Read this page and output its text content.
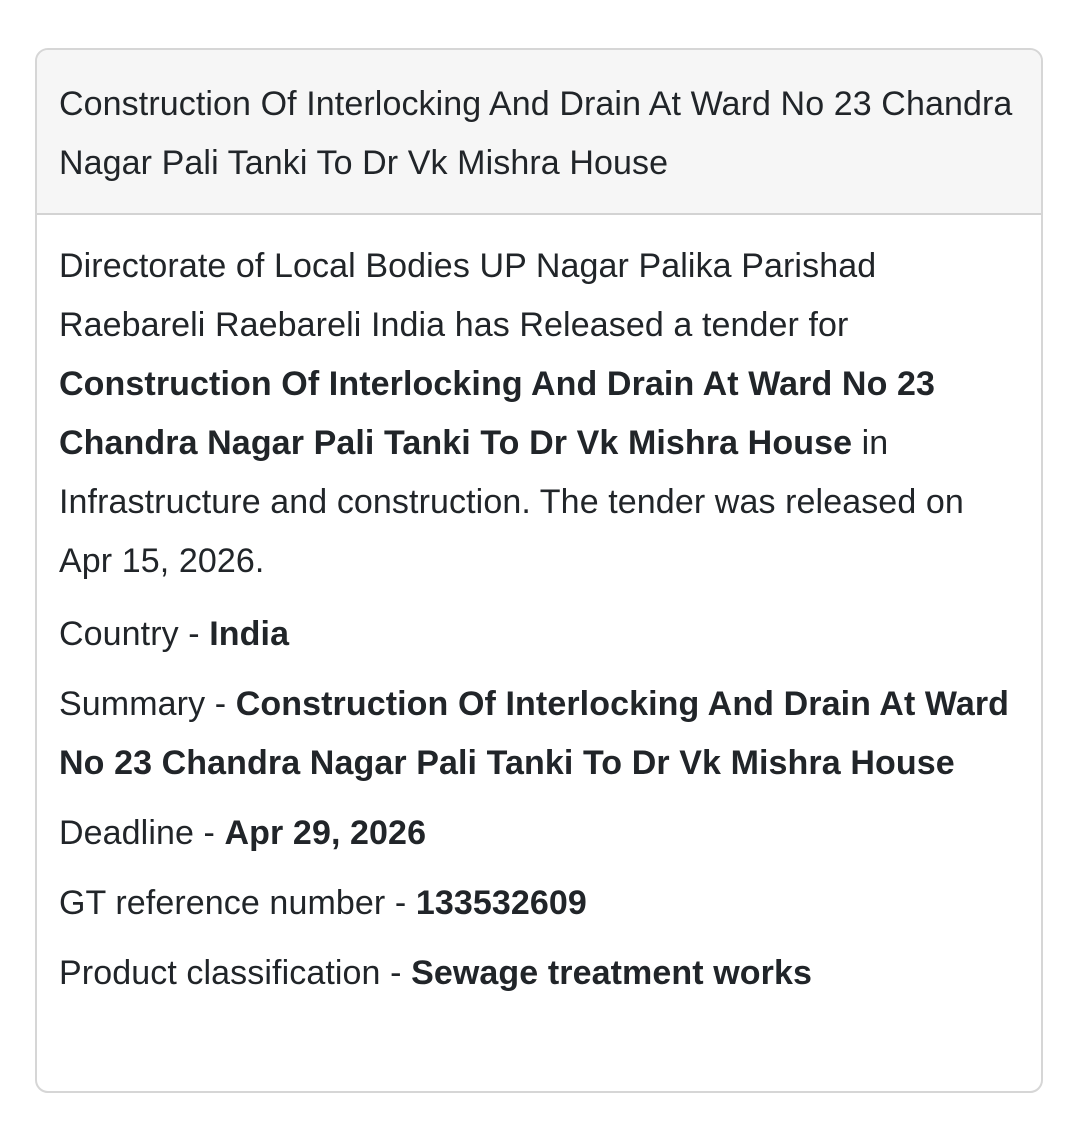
Construction Of Interlocking And Drain At Ward No 23 Chandra Nagar Pali Tanki To Dr Vk Mishra House

Directorate of Local Bodies UP Nagar Palika Parishad Raebareli Raebareli India has Released a tender for Construction Of Interlocking And Drain At Ward No 23 Chandra Nagar Pali Tanki To Dr Vk Mishra House in Infrastructure and construction. The tender was released on Apr 15, 2026.

Country - India
Summary - Construction Of Interlocking And Drain At Ward No 23 Chandra Nagar Pali Tanki To Dr Vk Mishra House
Deadline - Apr 29, 2026
GT reference number - 133532609
Product classification - Sewage treatment works
